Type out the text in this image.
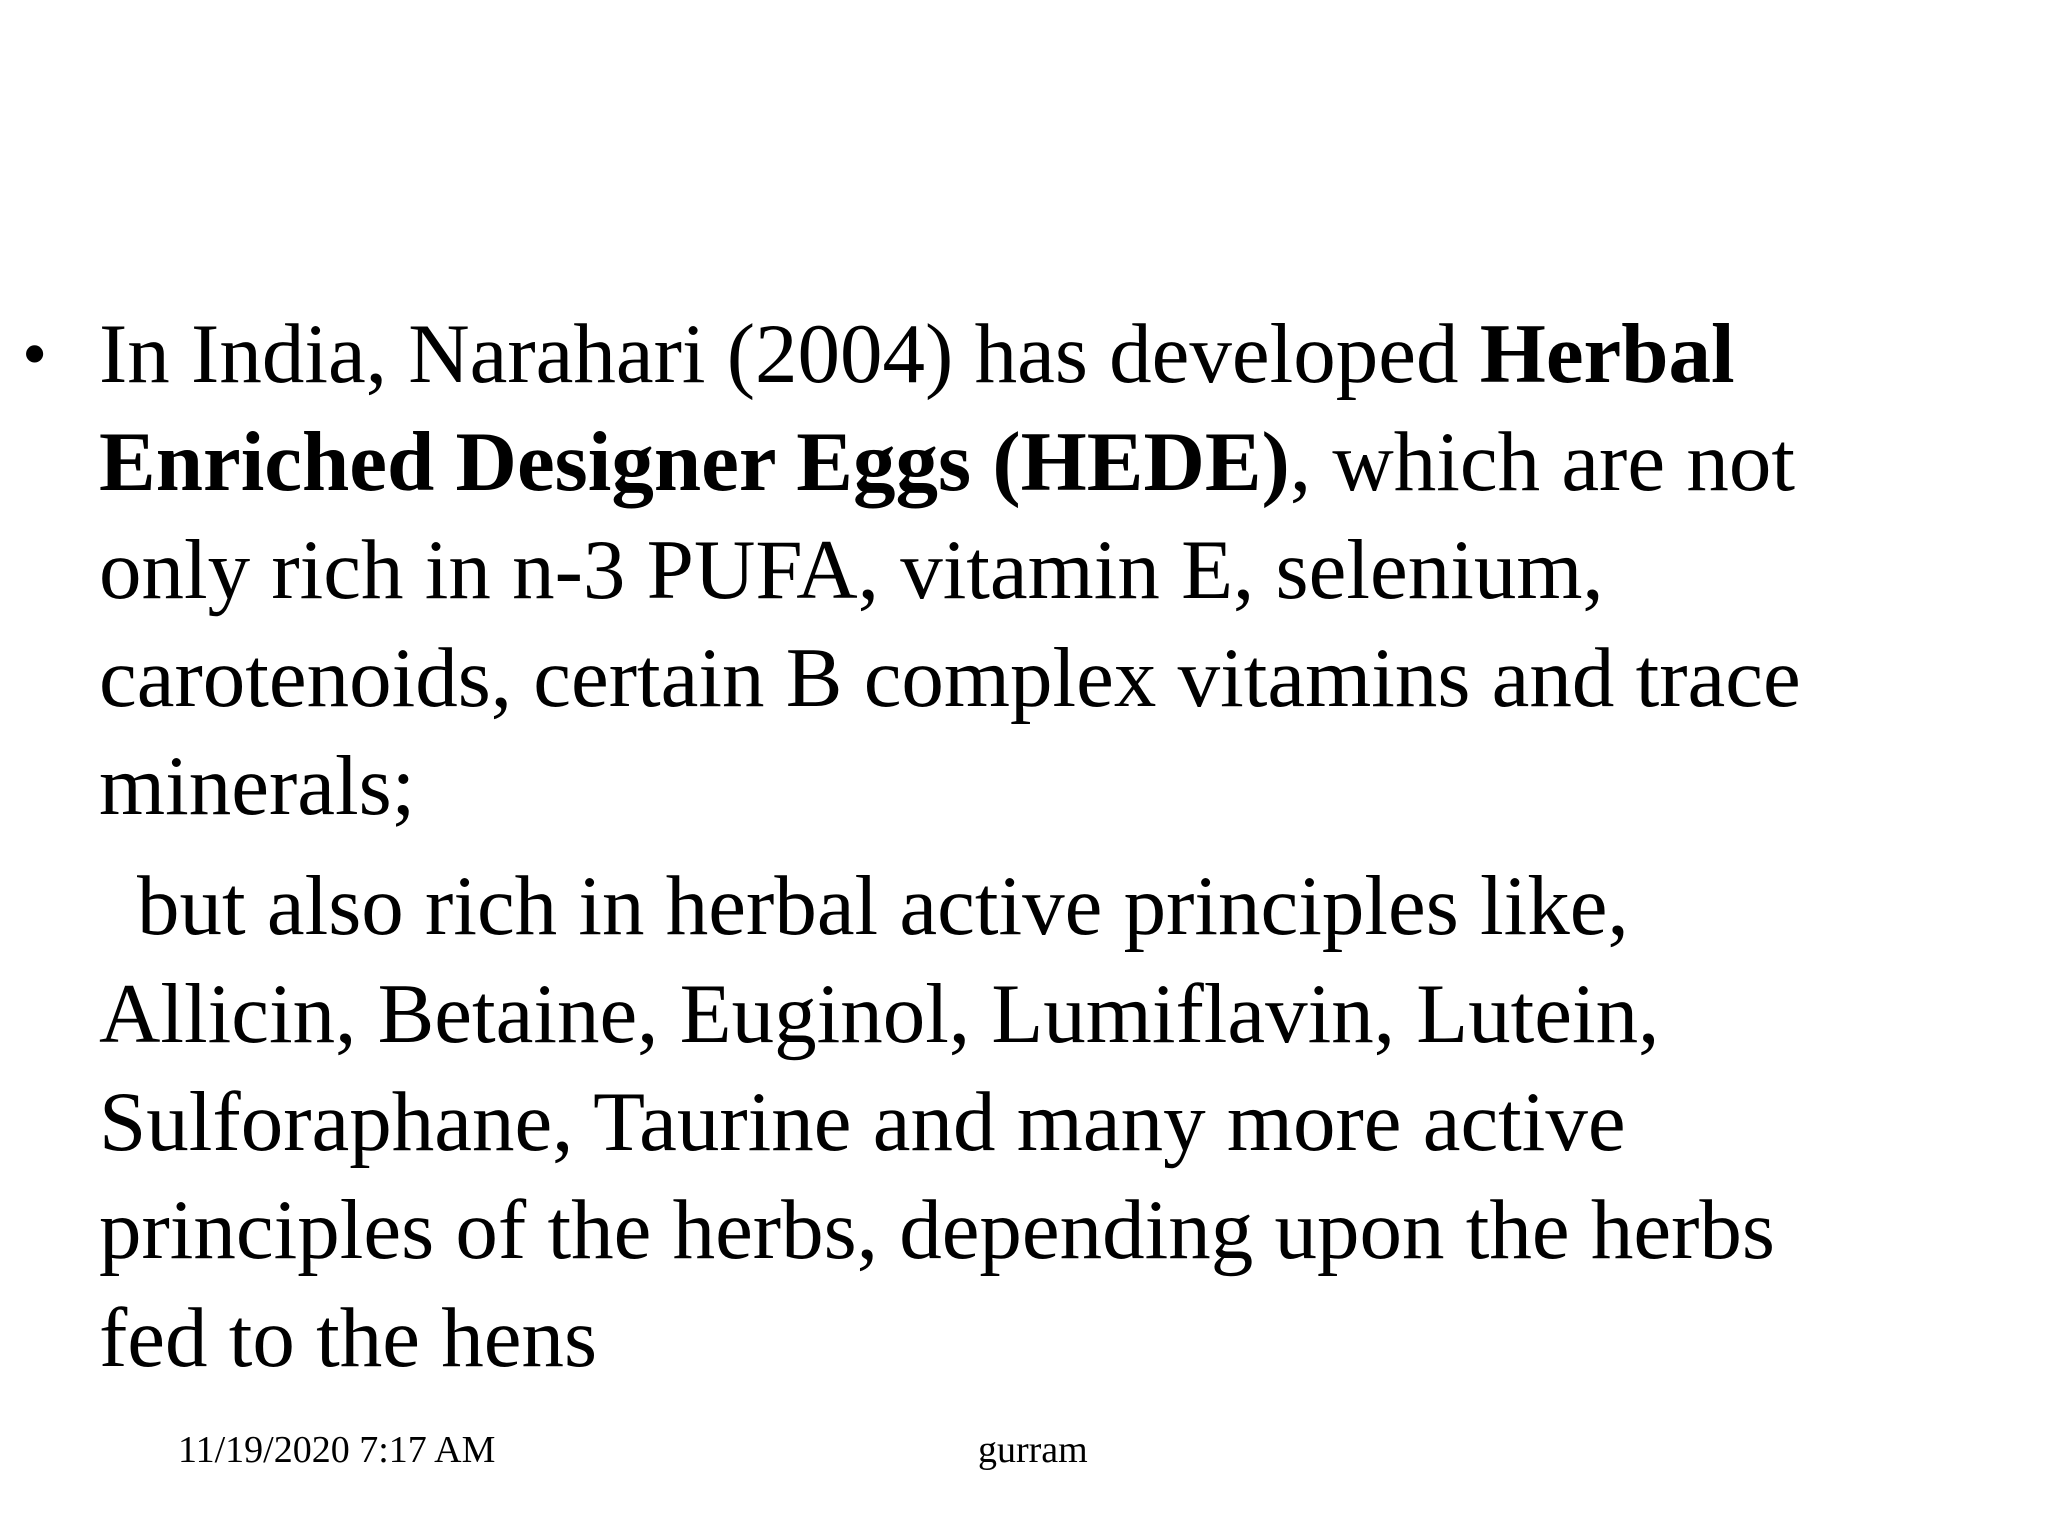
• In India, Narahari (2004) has developed Herbal
Enriched Designer Eggs (HEDE), which are not
only rich in n-3 PUFA, vitamin E, selenium,
carotenoids, certain B complex vitamins and trace
minerals;

but also rich in herbal active principles like,
Allicin, Betaine, Euginol, Lumiflavin, Lutein,
Sulforaphane, Taurine and many more active
principles of the herbs, depending upon the herbs
fed to the hens

11/19/2020 7:17 AM	gurram
